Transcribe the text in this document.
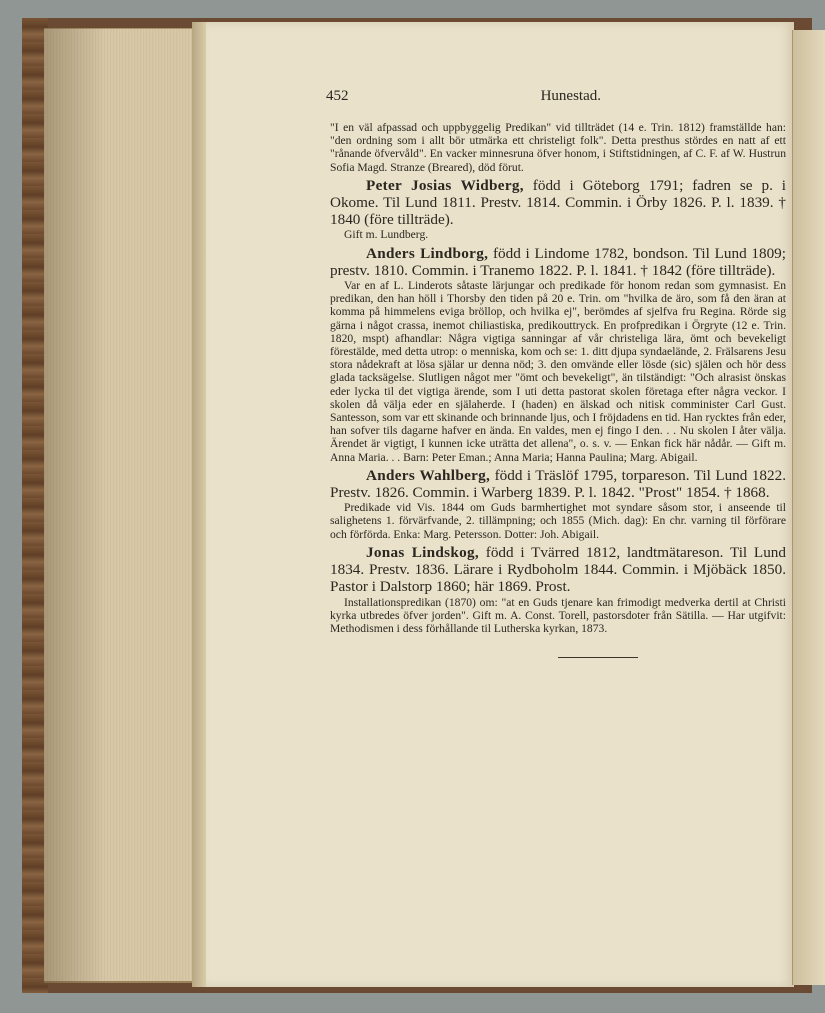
452	Hunestad.

"I en väl afpassad och uppbyggelig Predikan" vid tillträdet (14 e. Trin. 1812) framställde han: "den ordning som i allt bör utmärka ett christeligt folk". Detta presthus stördes en natt af ett "rånande öfvervåld". En vacker minnesruna öfver honom, i Stiftstidningen, af C. F. af W. Hustrun Sofia Magd. Stranze (Breared), död förut.

Peter Josias Widberg, född i Göteborg 1791; fadren se p. i Okome. Til Lund 1811. Prestv. 1814. Commin. i Örby 1826. P. l. 1839. † 1840 (före tillträde).

Gift m. Lundberg.

Anders Lindborg, född i Lindome 1782, bondson. Til Lund 1809; prestv. 1810. Commin. i Tranemo 1822. P. l. 1841. † 1842 (före tillträde).

Var en af L. Linderots såtaste lärjungar och predikade för honom redan som gymnasist. En predikan, den han höll i Thorsby den tiden på 20 e. Trin. om "hvilka de äro, som få den äran at komma på himmelens eviga bröllop, och hvilka ej", berömdes af sjelfva fru Regina. Rörde sig gärna i något crassa, inemot chiliastiska, predikouttryck. En profpredikan i Örgryte (12 e. Trin. 1820, mspt) afhandlar: Några vigtiga sanningar af vår christeliga lära, ömt och bevekeligt förestälde, med detta utrop: o menniska, kom och se: 1. ditt djupa syndaelände, 2. Frälsarens Jesu stora nådekraft at lösa själar ur denna nöd; 3. den omvände eller lösde (sic) själen och hör dess glada tacksägelse. Slutligen något mer "ömt och bevekeligt", än tilständigt: "Och alrasist önskas eder lycka til det vigtiga ärende, som I uti detta pastorat skolen företaga efter några veckor. I skolen då välja eder en själaherde. I (haden) en älskad och nitisk comminister Carl Gust. Santesson, som var ett skinande och brinnande ljus, och I fröjdadens en tid. Han rycktes från eder, han sofver tils dagarne hafver en ända. En valdes, men ej fingo I den. . . Nu skolen I åter välja. Ärendet är vigtigt, I kunnen icke uträtta det allena", o. s. v. — Enkan fick här nådår. — Gift m. Anna Maria. . . Barn: Peter Eman.; Anna Maria; Hanna Paulina; Marg. Abigail.

Anders Wahlberg, född i Träslöf 1795, torpareson. Til Lund 1822. Prestv. 1826. Commin. i Warberg 1839. P. l. 1842. "Prost" 1854. † 1868.

Predikade vid Vis. 1844 om Guds barmhertighet mot syndare såsom stor, i anseende til salighetens 1. förvärfvande, 2. tillämpning; och 1855 (Mich. dag): En chr. varning til förförare och förförda. Enka: Marg. Petersson. Dotter: Joh. Abigail.

Jonas Lindskog, född i Tvärred 1812, landtmätareson. Til Lund 1834. Prestv. 1836. Lärare i Rydboholm 1844. Commin. i Mjöbäck 1850. Pastor i Dalstorp 1860; här 1869. Prost.

Installationspredikan (1870) om: "at en Guds tjenare kan frimodigt medverka dertil at Christi kyrka utbredes öfver jorden". Gift m. A. Const. Torell, pastorsdoter från Sätilla. — Har utgifvit: Methodismen i dess förhållande til Lutherska kyrkan, 1873.
